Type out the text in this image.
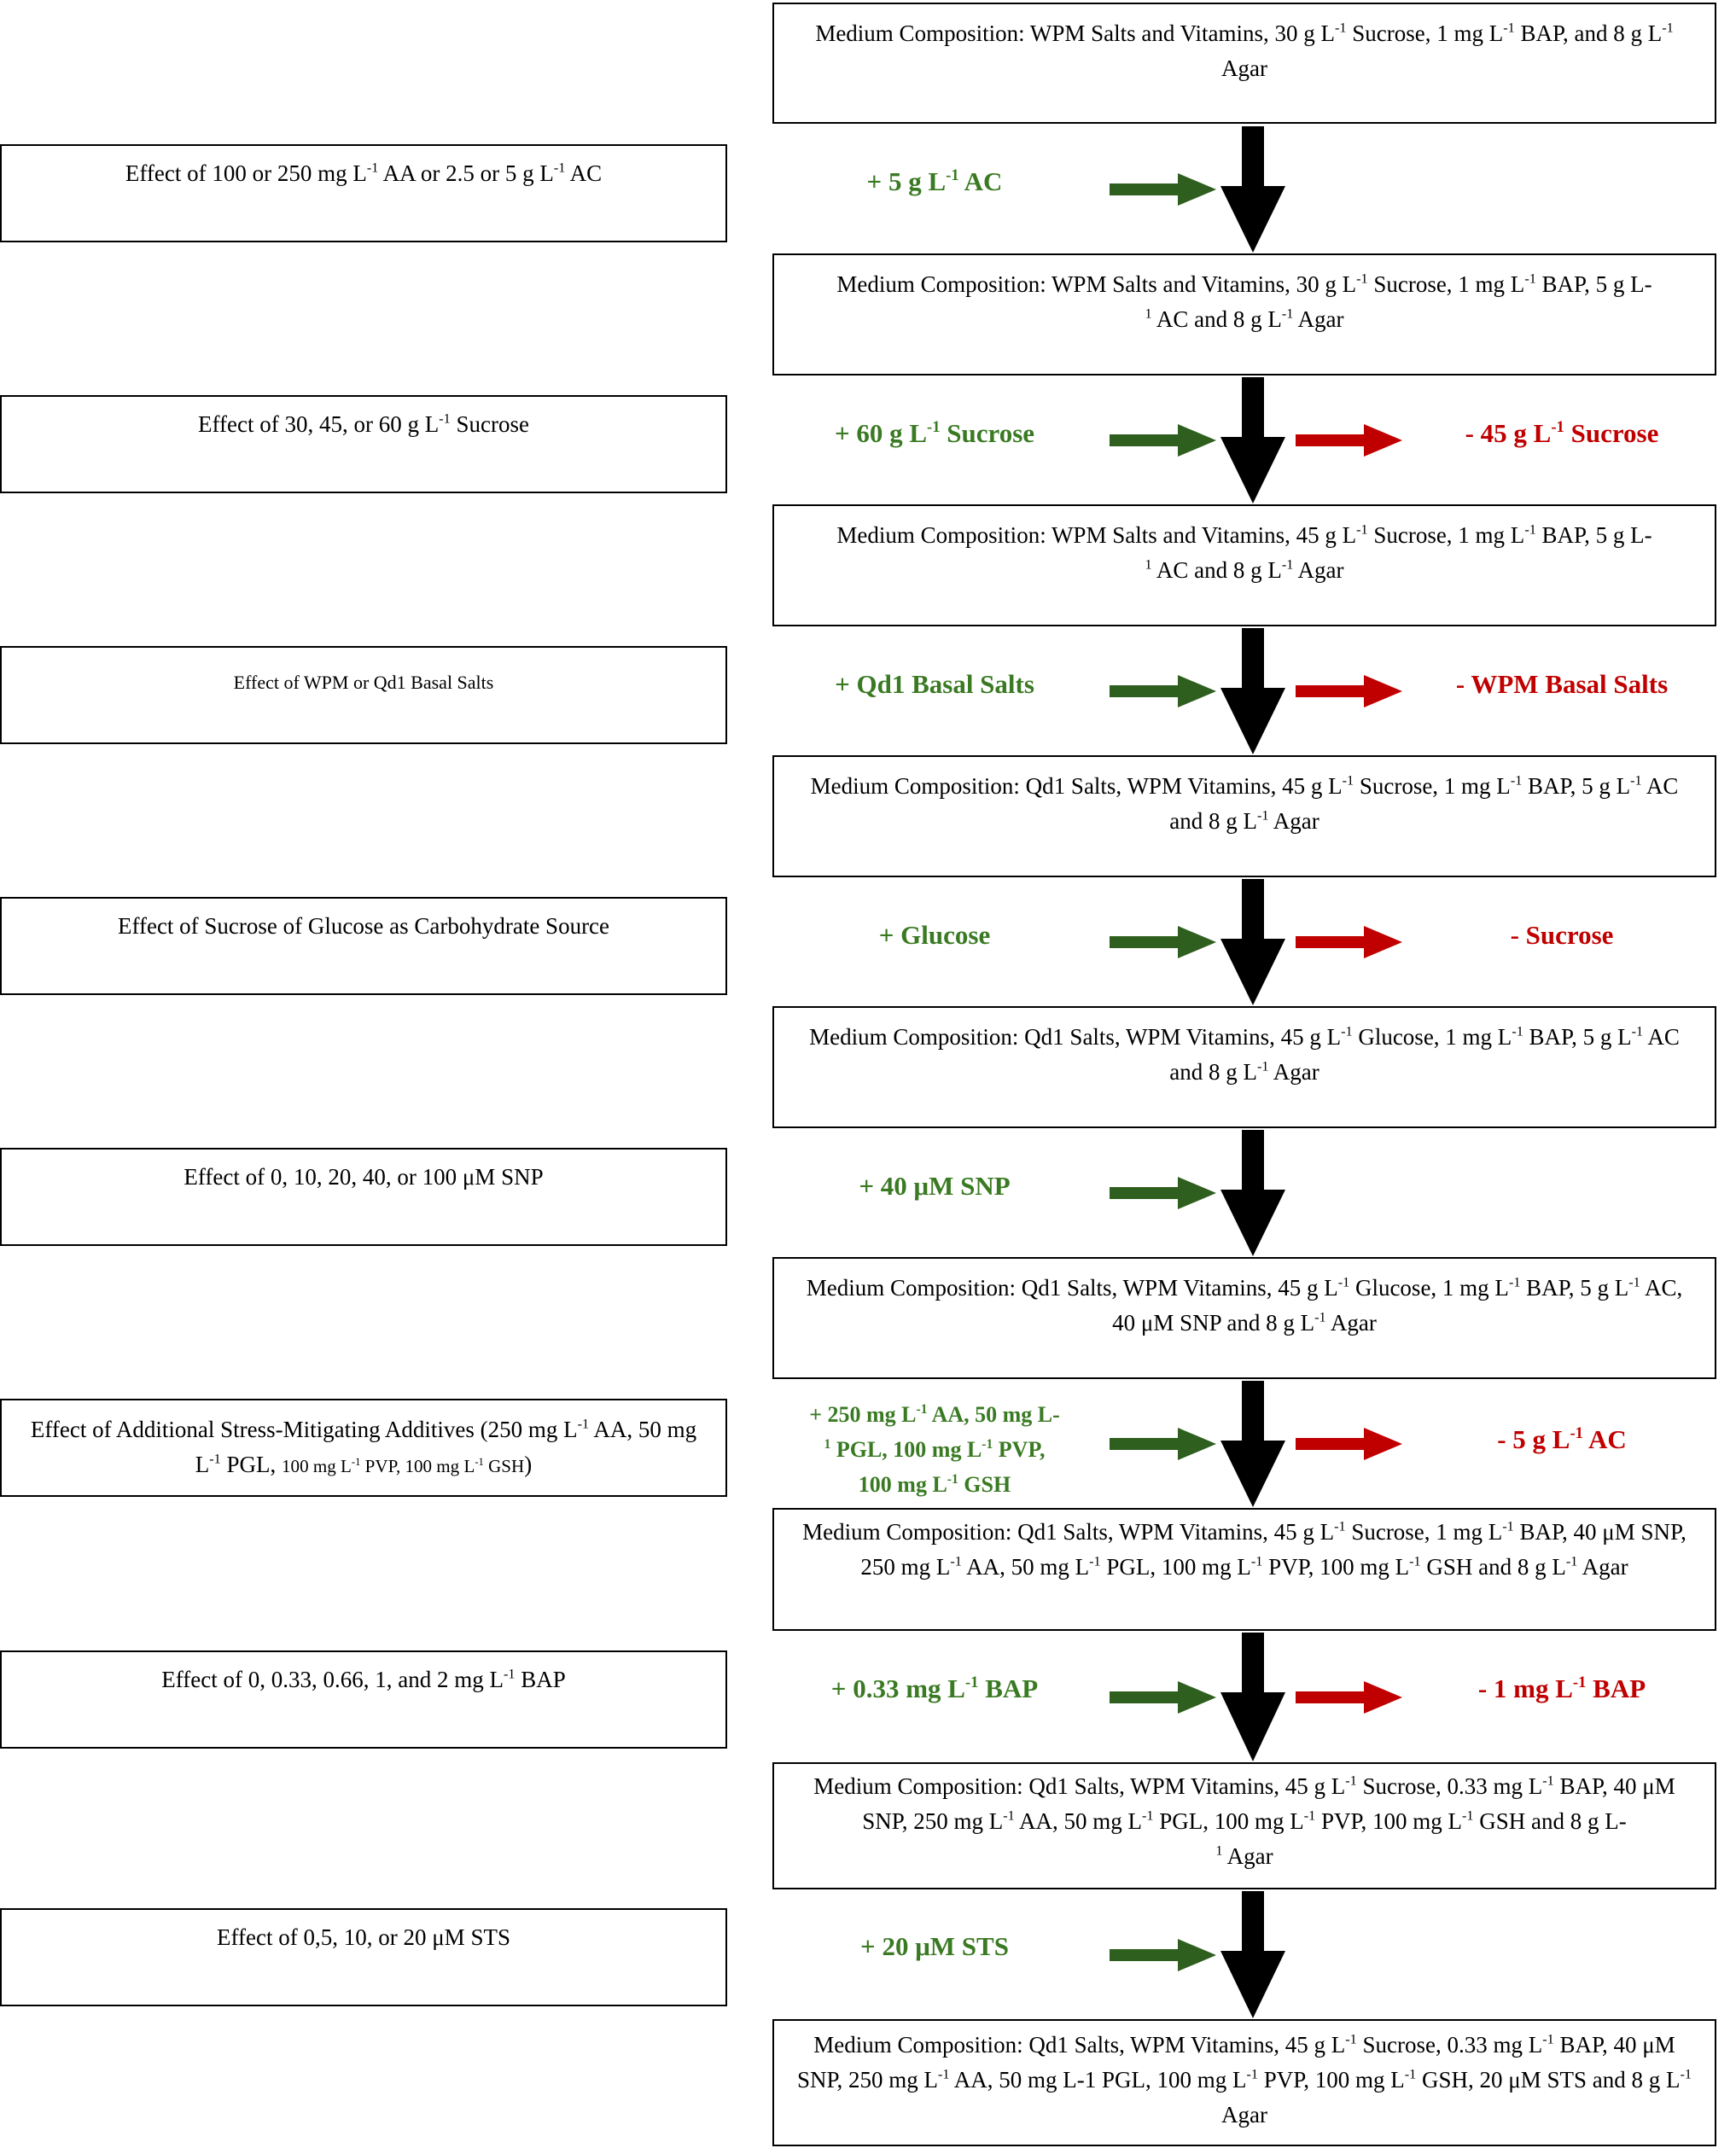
Medium Composition: WPM Salts and Vitamins, 30 g $L^{-1}$ Sucrose, 1 mg $L^{-1}$ BAP, and 8 g $L^{-1}$ Agar
Medium Composition: WPM Salts and Vitamins, 30 g $L^{-1}$ Sucrose, 1 mg $L^{-1}$ BAP, 5 g L-
$^1$ AC and 8 g $L^{-1}$ Agar
Medium Composition: WPM Salts and Vitamins, 45 g $L^{-1}$ Sucrose, 1 mg $L^{-1}$ BAP, 5 g L-
$^1$ AC and 8 g $L^{-1}$ Agar
Medium Composition: Qd1 Salts, WPM Vitamins, 45 g $L^{-1}$ Sucrose, 1 mg $L^{-1}$ BAP, 5 g $L^{-1}$ AC and 8 g $L^{-1}$ Agar
Medium Composition: Qd1 Salts, WPM Vitamins, 45 g $L^{-1}$ Glucose, 1 mg $L^{-1}$ BAP, 5 g $L^{-1}$ AC and 8 g $L^{-1}$ Agar
Medium Composition: Qd1 Salts, WPM Vitamins, 45 g $L^{-1}$ Glucose, 1 mg $L^{-1}$ BAP, 5 g $L^{-1}$ AC, 40 μM SNP and 8 g $L^{-1}$ Agar
Medium Composition: Qd1 Salts, WPM Vitamins, 45 g $L^{-1}$ Sucrose, 1 mg $L^{-1}$ BAP, 40 μM SNP, 250 mg $L^{-1}$ AA, 50 mg $L^{-1}$ PGL, 100 mg $L^{-1}$ PVP, 100 mg $L^{-1}$ GSH and 8 g $L^{-1}$ Agar
Medium Composition: Qd1 Salts, WPM Vitamins, 45 g $L^{-1}$ Sucrose, 0.33 mg $L^{-1}$ BAP, 40 μM SNP, 250 mg $L^{-1}$ AA, 50 mg $L^{-1}$ PGL, 100 mg $L^{-1}$ PVP, 100 mg $L^{-1}$ GSH and 8 g L-
$^1$ Agar
Medium Composition: Qd1 Salts, WPM Vitamins, 45 g $L^{-1}$ Sucrose, 0.33 mg $L^{-1}$ BAP, 40 μM SNP, 250 mg $L^{-1}$ AA, 50 mg L-1 PGL, 100 mg $L^{-1}$ PVP, 100 mg $L^{-1}$ GSH, 20 μM STS and 8 g $L^{-1}$ Agar
Effect of 100 or 250 mg $L^{-1}$ AA or 2.5 or 5 g $L^{-1}$ AC
Effect of 30, 45, or 60 g $L^{-1}$ Sucrose
Effect of WPM or Qd1 Basal Salts
Effect of Sucrose of Glucose as Carbohydrate Source
Effect of 0, 10, 20, 40, or 100 μM SNP
Effect of Additional Stress-Mitigating Additives (250 mg $L^{-1}$ AA, 50 mg $L^{-1}$ PGL, 100 mg $L^{-1}$ PVP, 100 mg $L^{-1}$ GSH)
Effect of 0, 0.33, 0.66, 1, and 2 mg $L^{-1}$ BAP
Effect of 0,5, 10, or 20 μM STS
+ 5 g $L^{-1}$ AC
+ 60 g $L^{-1}$ Sucrose
+ Qd1 Basal Salts
+ Glucose
+ 40 μM SNP
+ 250 mg $L^{-1}$ AA, 50 mg L-
$^1$ PGL, 100 mg $L^{-1}$ PVP,
100 mg $L^{-1}$ GSH
+ 0.33 mg $L^{-1}$ BAP
+ 20 μM STS
- 45 g $L^{-1}$ Sucrose
- WPM Basal Salts
- Sucrose
- 5 g $L^{-1}$ AC
- 1 mg $L^{-1}$ BAP
